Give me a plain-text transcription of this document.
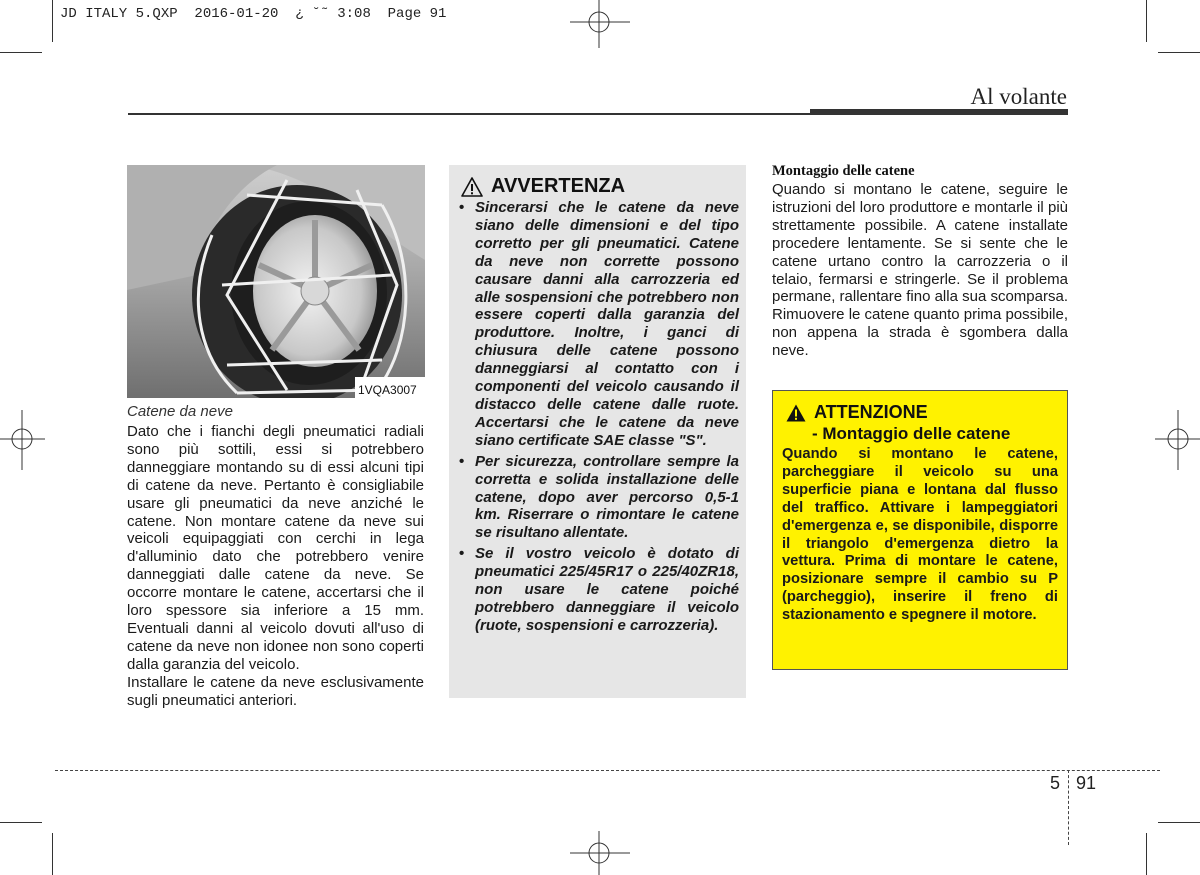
JD ITALY 5.QXP  2016-01-20  ¿ ˘˜ 3:08  Page 91
Al volante
1VQA3007
Catene da neve

Dato che i fianchi degli pneumatici radiali sono più sottili, essi si potrebbero danneggiare montando su di essi alcuni tipi di catene da neve. Pertanto è consigliabile usare gli pneumatici da neve anziché le catene. Non montare catene da neve sui veicoli equipaggiati con cerchi in lega d'alluminio dato che potrebbero venire danneggiati dalle catene da neve. Se occorre montare le catene, accertarsi che il loro spessore sia inferiore a 15 mm. Eventuali danni al veicolo dovuti all'uso di catene da neve non idonee non sono coperti dalla garanzia del veicolo.

Installare le catene da neve esclusivamente sugli pneumatici anteriori.

AVVERTENZA
• Sincerarsi che le catene da neve siano delle dimensioni e del tipo corretto per gli pneumatici. Catene da neve non corrette possono causare danni alla carrozzeria ed alle sospensioni che potrebbero non essere coperti dalla garanzia del produttore. Inoltre, i ganci di chiusura delle catene possono danneggiarsi al contatto con i componenti del veicolo causando il distacco delle catene dalle ruote. Accertarsi che le catene da neve siano certificate SAE classe "S".
• Per sicurezza, controllare sempre la corretta e solida installazione delle catene, dopo aver percorso 0,5-1 km. Riserrare o rimontare le catene se risultano allentate.
• Se il vostro veicolo è dotato di pneumatici 225/45R17 o 225/40ZR18, non usare le catene poiché potrebbero danneggiare il veicolo (ruote, sospensioni e carrozzeria).
Montaggio delle catene

Quando si montano le catene, seguire le istruzioni del loro produttore e montarle il più strettamente possibile. A catene installate procedere lentamente. Se si sente che le catene urtano contro la carrozzeria o il telaio, fermarsi e stringerle. Se il problema permane, rallentare fino alla sua scomparsa. Rimuovere le catene quanto prima possibile, non appena la strada è sgombera dalla neve.

ATTENZIONE
- Montaggio delle catene

Quando si montano le catene, parcheggiare il veicolo su una superficie piana e lontana dal flusso del traffico. Attivare i lampeggiatori d'emergenza e, se disponibile, disporre il triangolo d'emergenza dietro la vettura. Prima di montare le catene, posizionare sempre il cambio su P (parcheggio), inserire il freno di stazionamento e spegnere il motore.

5 91
